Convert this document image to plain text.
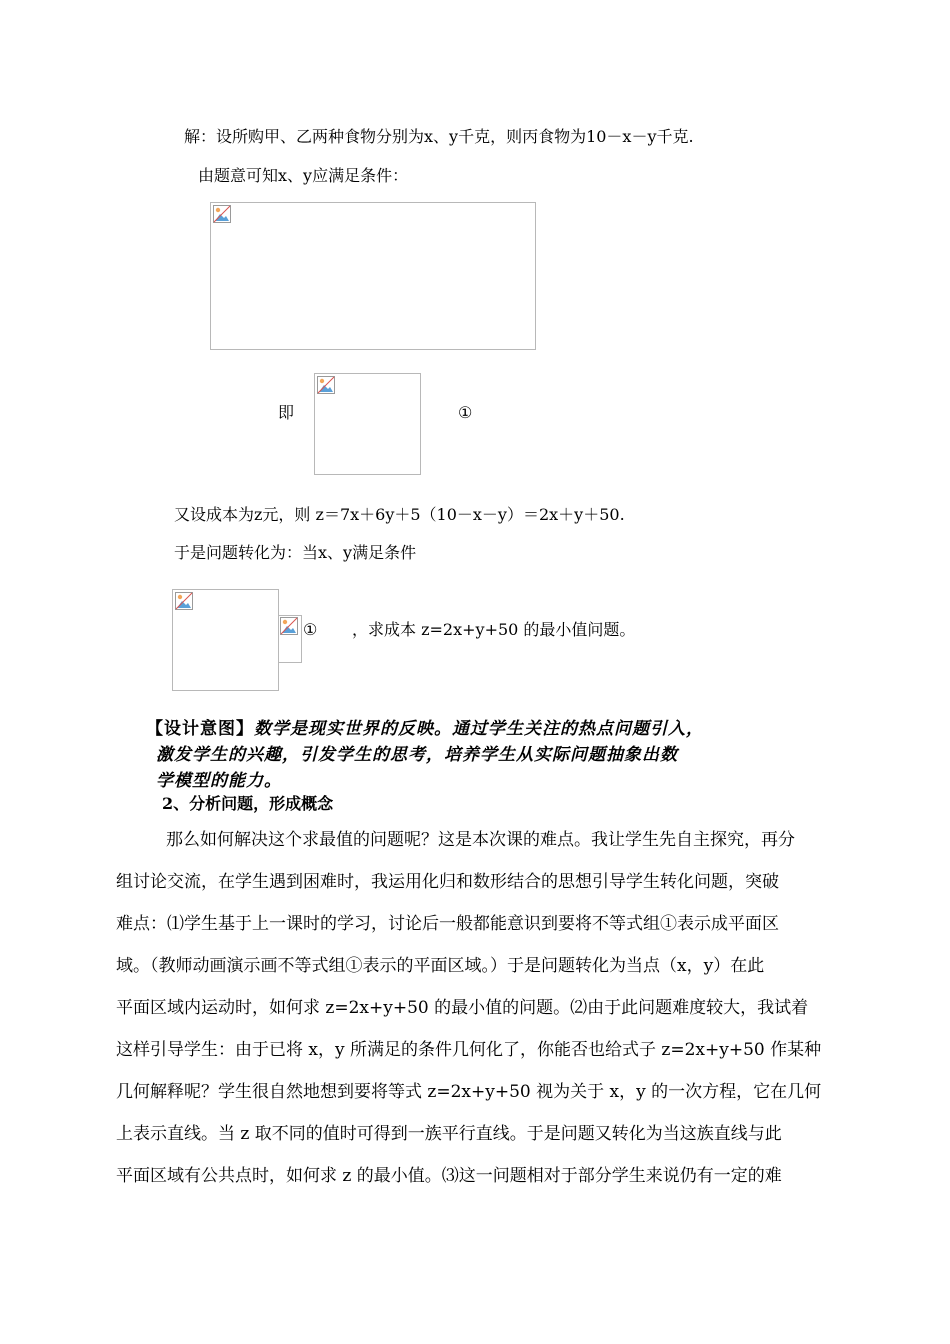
解：设所购甲、乙两种食物分别为x、y千克，则丙食物为10－x－y千克.
由题意可知x、y应满足条件：
即	①
又设成本为z元，则 z＝7x＋6y＋5（10－x－y）＝2x＋y＋50.
于是问题转化为：当x、y满足条件
① ，求成本 z=2x+y+50 的最小值问题。
【设计意图】数学是现实世界的反映。通过学生关注的热点问题引入，
激发学生的兴趣，引发学生的思考，培养学生从实际问题抽象出数
学模型的能力。
2、分析问题，形成概念
那么如何解决这个求最值的问题呢？这是本次课的难点。我让学生先自主探究，再分
组讨论交流，在学生遇到困难时，我运用化归和数形结合的思想引导学生转化问题，突破
难点：⑴学生基于上一课时的学习，讨论后一般都能意识到要将不等式组①表示成平面区
域。（教师动画演示画不等式组①表示的平面区域。）于是问题转化为当点（x，y）在此
平面区域内运动时，如何求 z=2x+y+50 的最小值的问题。⑵由于此问题难度较大，我试着
这样引导学生：由于已将 x，y 所满足的条件几何化了，你能否也给式子 z=2x+y+50 作某种
几何解释呢？学生很自然地想到要将等式 z=2x+y+50 视为关于 x，y 的一次方程，它在几何
上表示直线。当 z 取不同的值时可得到一族平行直线。于是问题又转化为当这族直线与此
平面区域有公共点时，如何求 z 的最小值。⑶这一问题相对于部分学生来说仍有一定的难
